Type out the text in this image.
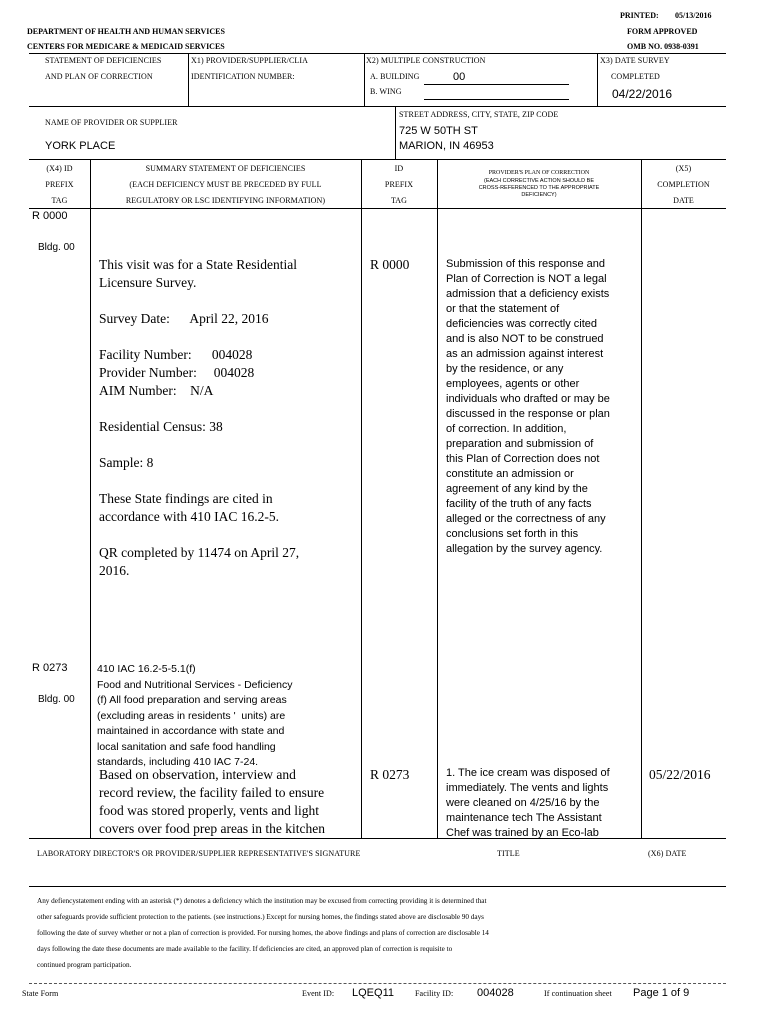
PRINTED: 05/13/2016
DEPARTMENT OF HEALTH AND HUMAN SERVICES	FORM APPROVED
CENTERS FOR MEDICARE & MEDICAID SERVICES	OMB NO. 0938-0391
STATEMENT OF DEFICIENCIES
AND PLAN OF CORRECTION
X1) PROVIDER/SUPPLIER/CLIA
IDENTIFICATION NUMBER:
X2) MULTIPLE CONSTRUCTION
A. BUILDING	00
B. WING
X3) DATE SURVEY
COMPLETED
04/22/2016
NAME OF PROVIDER OR SUPPLIER
YORK PLACE
STREET ADDRESS, CITY, STATE, ZIP CODE
725 W 50TH ST
MARION, IN 46953
(X4) ID
PREFIX
TAG
SUMMARY STATEMENT OF DEFICIENCIES
(EACH DEFICIENCY MUST BE PRECEDED BY FULL
REGULATORY OR LSC IDENTIFYING INFORMATION)
ID
PREFIX
TAG
PROVIDER'S PLAN OF CORRECTION
(EACH CORRECTIVE ACTION SHOULD BE
CROSS-REFERENCED TO THE APPROPRIATE
DEFICIENCY)
(X5)
COMPLETION
DATE
R 0000
Bldg. 00
This visit was for a State Residential
Licensure Survey.
Survey Date:      April 22, 2016
Facility Number:      004028
Provider Number:     004028
AIM Number:    N/A
Residential Census: 38
Sample: 8
These State findings are cited in
accordance with 410 IAC 16.2-5.
QR completed by 11474 on April 27,
2016.
R 0000	Submission of this response and
Plan of Correction is NOT a legal
admission that a deficiency exists
or that the statement of
deficiencies was correctly cited
and is also NOT to be construed
as an admission against interest
by the residence, or any
employees, agents or other
individuals who drafted or may be
discussed in the response or plan
of correction. In addition,
preparation and submission of
this Plan of Correction does not
constitute an admission or
agreement of any kind by the
facility of the truth of any facts
alleged or the correctness of any
conclusions set forth in this
allegation by the survey agency.
R 0273
Bldg. 00
410 IAC 16.2-5-5.1(f)
Food and Nutritional Services - Deficiency
(f) All food preparation and serving areas
(excluding areas in residents '  units) are
maintained in accordance with state and
local sanitation and safe food handling
standards, including 410 IAC 7-24.
Based on observation, interview and
record review, the facility failed to ensure
food was stored properly, vents and light
covers over food prep areas in the kitchen
R 0273	1. The ice cream was disposed of
immediately. The vents and lights
were cleaned on 4/25/16 by the
maintenance tech The Assistant
Chef was trained by an Eco-lab
05/22/2016
LABORATORY DIRECTOR'S OR PROVIDER/SUPPLIER REPRESENTATIVE'S SIGNATURE	TITLE	(X6) DATE
Any defiencystatement ending with an asterisk (*) denotes a deficiency which the institution may be excused from correcting providing it is determined that
other safeguards provide sufficient protection to the patients. (see instructions.) Except for nursing homes, the findings stated above are disclosable 90 days
following the date of survey whether or not a plan of correction is provided. For nursing homes, the above findings and plans of correction are disclosable 14
days following the date these documents are made available to the facility. If deficiencies are cited, an approved plan of correction is requisite to
continued program participation.
State Form	Event ID: LQEQ11	Facility ID: 004028	If continuation sheet Page 1 of 9
